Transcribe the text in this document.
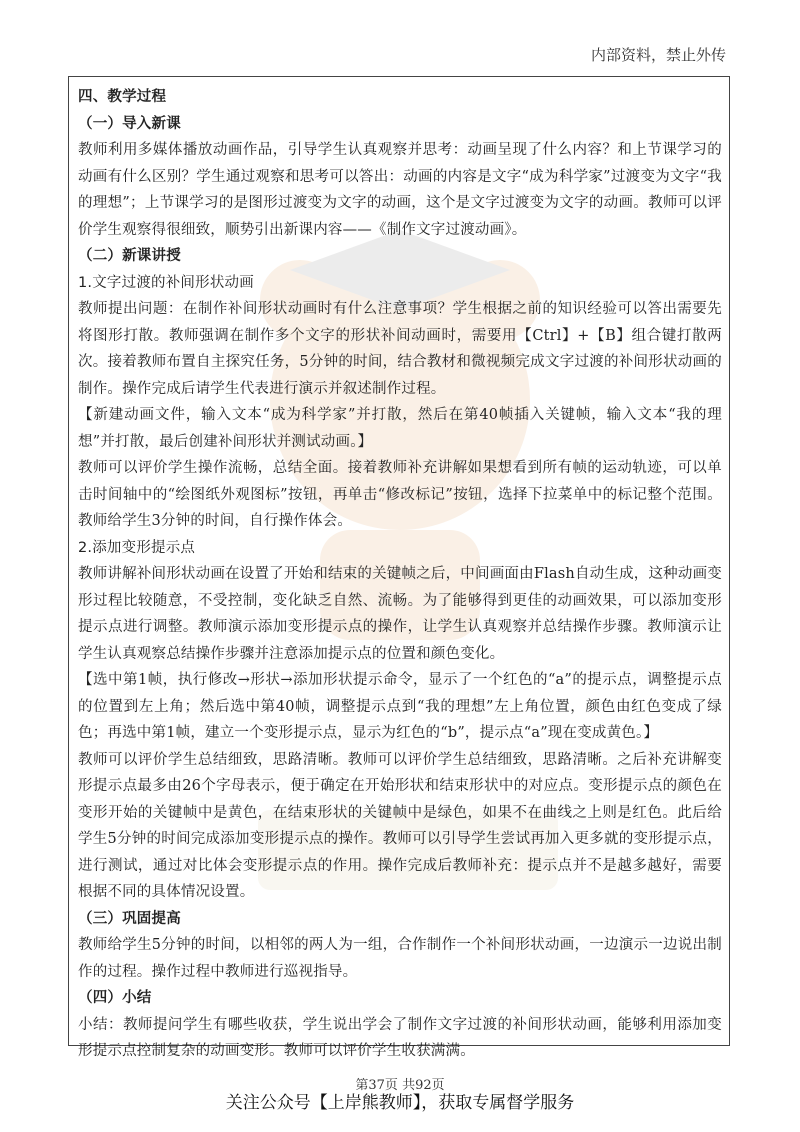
内部资料，禁止外传

四、教学过程

（一）导入新课

教师利用多媒体播放动画作品，引导学生认真观察并思考：动画呈现了什么内容？和上节课学习的动画有什么区别？学生通过观察和思考可以答出：动画的内容是文字“成为科学家”过渡变为文字“我的理想”；上节课学习的是图形过渡变为文字的动画，这个是文字过渡变为文字的动画。教师可以评价学生观察得很细致，顺势引出新课内容——《制作文字过渡动画》。

（二）新课讲授

1.文字过渡的补间形状动画

教师提出问题：在制作补间形状动画时有什么注意事项？学生根据之前的知识经验可以答出需要先将图形打散。教师强调在制作多个文字的形状补间动画时，需要用【Ctrl】+【B】组合键打散两次。接着教师布置自主探究任务，5分钟的时间，结合教材和微视频完成文字过渡的补间形状动画的制作。操作完成后请学生代表进行演示并叙述制作过程。

【新建动画文件，输入文本“成为科学家”并打散，然后在第40帧插入关键帧，输入文本“我的理想”并打散，最后创建补间形状并测试动画。】

教师可以评价学生操作流畅，总结全面。接着教师补充讲解如果想看到所有帧的运动轨迹，可以单击时间轴中的“绘图纸外观图标”按钮，再单击“修改标记”按钮，选择下拉菜单中的标记整个范围。教师给学生3分钟的时间，自行操作体会。

2.添加变形提示点

教师讲解补间形状动画在设置了开始和结束的关键帧之后，中间画面由Flash自动生成，这种动画变形过程比较随意，不受控制，变化缺乏自然、流畅。为了能够得到更佳的动画效果，可以添加变形提示点进行调整。教师演示添加变形提示点的操作，让学生认真观察并总结操作步骤。教师演示让学生认真观察总结操作步骤并注意添加提示点的位置和颜色变化。

【选中第1帧，执行修改→形状→添加形状提示命令，显示了一个红色的“a”的提示点，调整提示点的位置到左上角；然后选中第40帧，调整提示点到“我的理想”左上角位置，颜色由红色变成了绿色；再选中第1帧，建立一个变形提示点，显示为红色的“b”，提示点“a”现在变成黄色。】

教师可以评价学生总结细致，思路清晰。教师可以评价学生总结细致，思路清晰。之后补充讲解变形提示点最多由26个字母表示，便于确定在开始形状和结束形状中的对应点。变形提示点的颜色在变形开始的关键帧中是黄色，在结束形状的关键帧中是绿色，如果不在曲线之上则是红色。此后给学生5分钟的时间完成添加变形提示点的操作。教师可以引导学生尝试再加入更多就的变形提示点，进行测试，通过对比体会变形提示点的作用。操作完成后教师补充：提示点并不是越多越好，需要根据不同的具体情况设置。

（三）巩固提高

教师给学生5分钟的时间，以相邻的两人为一组，合作制作一个补间形状动画，一边演示一边说出制作的过程。操作过程中教师进行巡视指导。

（四）小结

小结：教师提问学生有哪些收获，学生说出学会了制作文字过渡的补间形状动画，能够利用添加变形提示点控制复杂的动画变形。教师可以评价学生收获满满。

第37页 共92页
关注公众号【上岸熊教师】，获取专属督学服务
